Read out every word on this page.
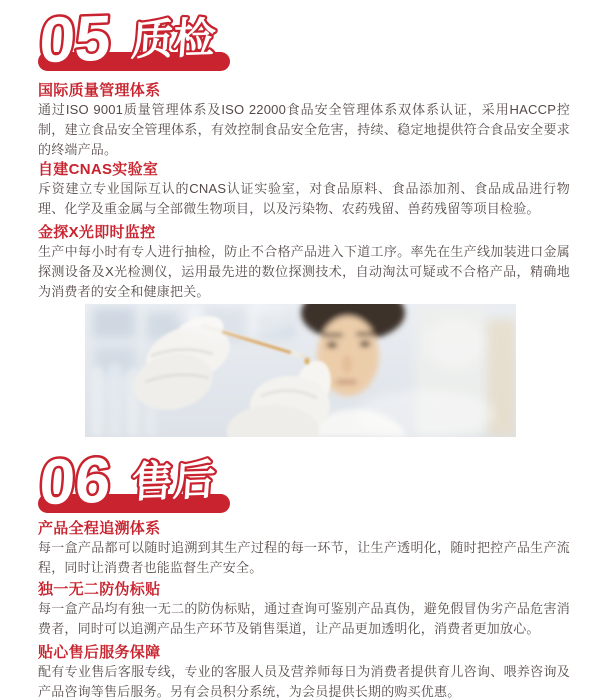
05 质检
国际质量管理体系

通过ISO 9001质量管理体系及ISO 22000食品安全管理体系双体系认证，采用HACCP控制，建立食品安全管理体系，有效控制食品安全危害，持续、稳定地提供符合食品安全要求的终端产品。

自建CNAS实验室

斥资建立专业国际互认的CNAS认证实验室，对食品原料、食品添加剂、食品成品进行物理、化学及重金属与全部微生物项目，以及污染物、农药残留、兽药残留等项目检验。

金探X光即时监控

生产中每小时有专人进行抽检，防止不合格产品进入下道工序。率先在生产线加装进口金属探测设备及X光检测仪，运用最先进的数位探测技术，自动淘汰可疑或不合格产品，精确地为消费者的安全和健康把关。

06 售后
产品全程追溯体系

每一盒产品都可以随时追溯到其生产过程的每一环节，让生产透明化，随时把控产品生产流程，同时让消费者也能监督生产安全。

独一无二防伪标贴

每一盒产品均有独一无二的防伪标贴，通过查询可鉴别产品真伪，避免假冒伪劣产品危害消费者，同时可以追溯产品生产环节及销售渠道，让产品更加透明化，消费者更加放心。

贴心售后服务保障

配有专业售后客服专线，专业的客服人员及营养师每日为消费者提供育儿咨询、喂养咨询及产品咨询等售后服务。另有会员积分系统，为会员提供长期的购买优惠。
